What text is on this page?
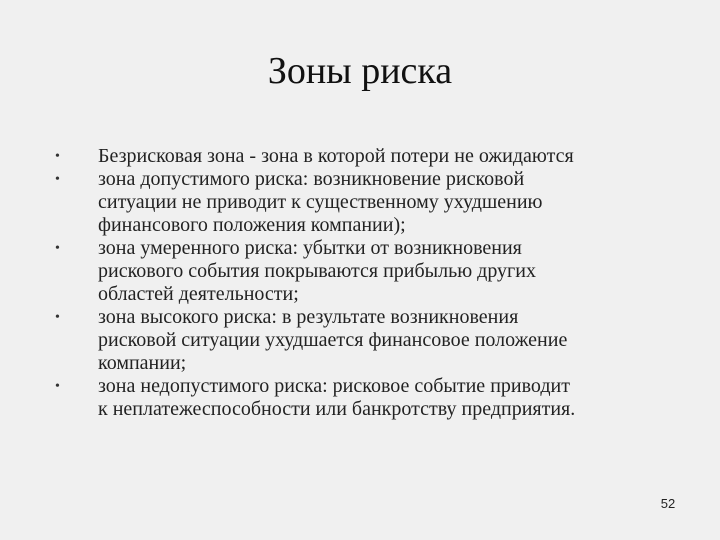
Зоны риска
•	Безрисковая зона - зона в которой потери не ожидаются
•	зона допустимого риска: возникновение рисковой
ситуации не приводит к существенному ухудшению
финансового положения компании);
•	зона умеренного риска: убытки от возникновения
рискового события покрываются прибылью других
областей деятельности;
•	зона высокого риска: в результате возникновения
рисковой ситуации ухудшается финансовое положение
компании;
•	зона недопустимого риска: рисковое событие приводит
к неплатежеспособности или банкротству предприятия.
52
